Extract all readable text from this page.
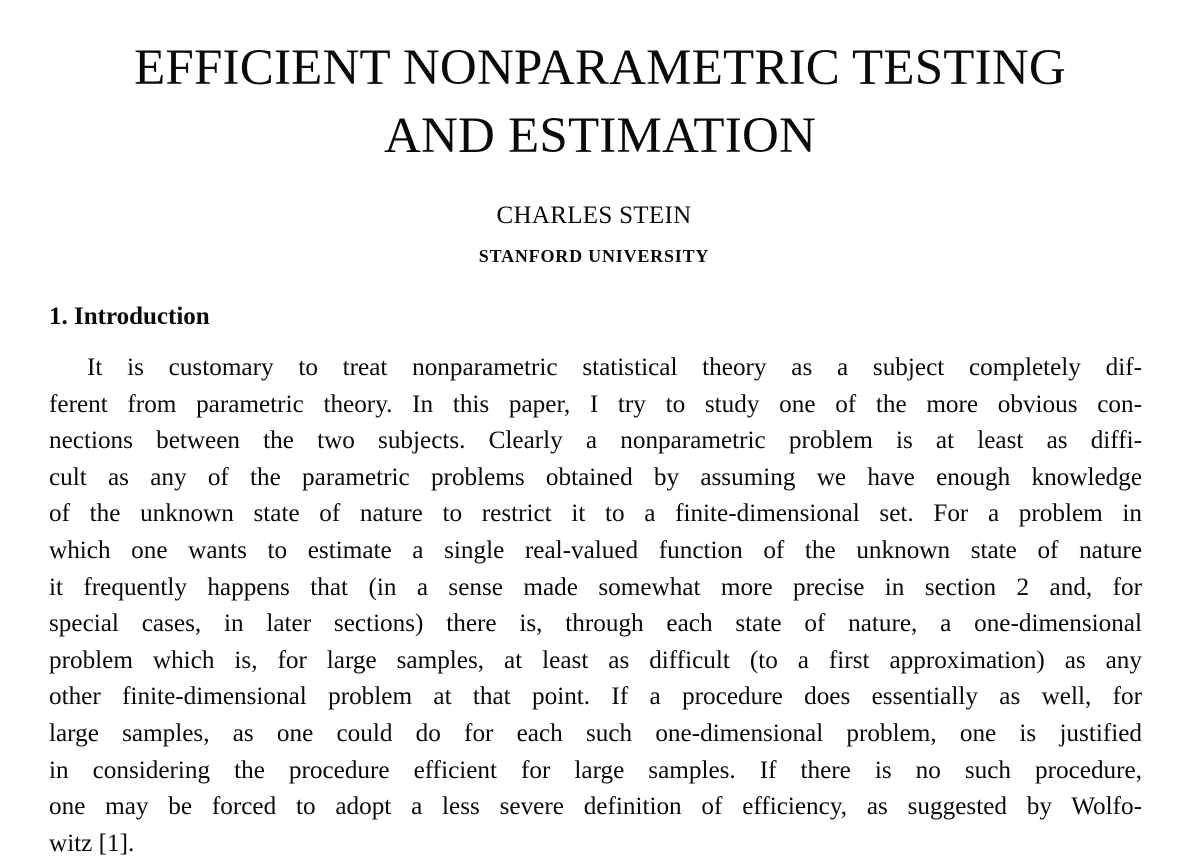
EFFICIENT NONPARAMETRIC TESTING
AND ESTIMATION
CHARLES STEIN
STANFORD UNIVERSITY
1. Introduction
It is customary to treat nonparametric statistical theory as a subject completely dif-
ferent from parametric theory. In this paper, I try to study one of the more obvious con-
nections between the two subjects. Clearly a nonparametric problem is at least as diffi-
cult as any of the parametric problems obtained by assuming we have enough knowledge
of the unknown state of nature to restrict it to a finite-dimensional set. For a problem in
which one wants to estimate a single real-valued function of the unknown state of nature
it frequently happens that (in a sense made somewhat more precise in section 2 and, for
special cases, in later sections) there is, through each state of nature, a one-dimensional
problem which is, for large samples, at least as difficult (to a first approximation) as any
other finite-dimensional problem at that point. If a procedure does essentially as well, for
large samples, as one could do for each such one-dimensional problem, one is justified
in considering the procedure efficient for large samples. If there is no such procedure,
one may be forced to adopt a less severe definition of efficiency, as suggested by Wolfo-
witz [1].
